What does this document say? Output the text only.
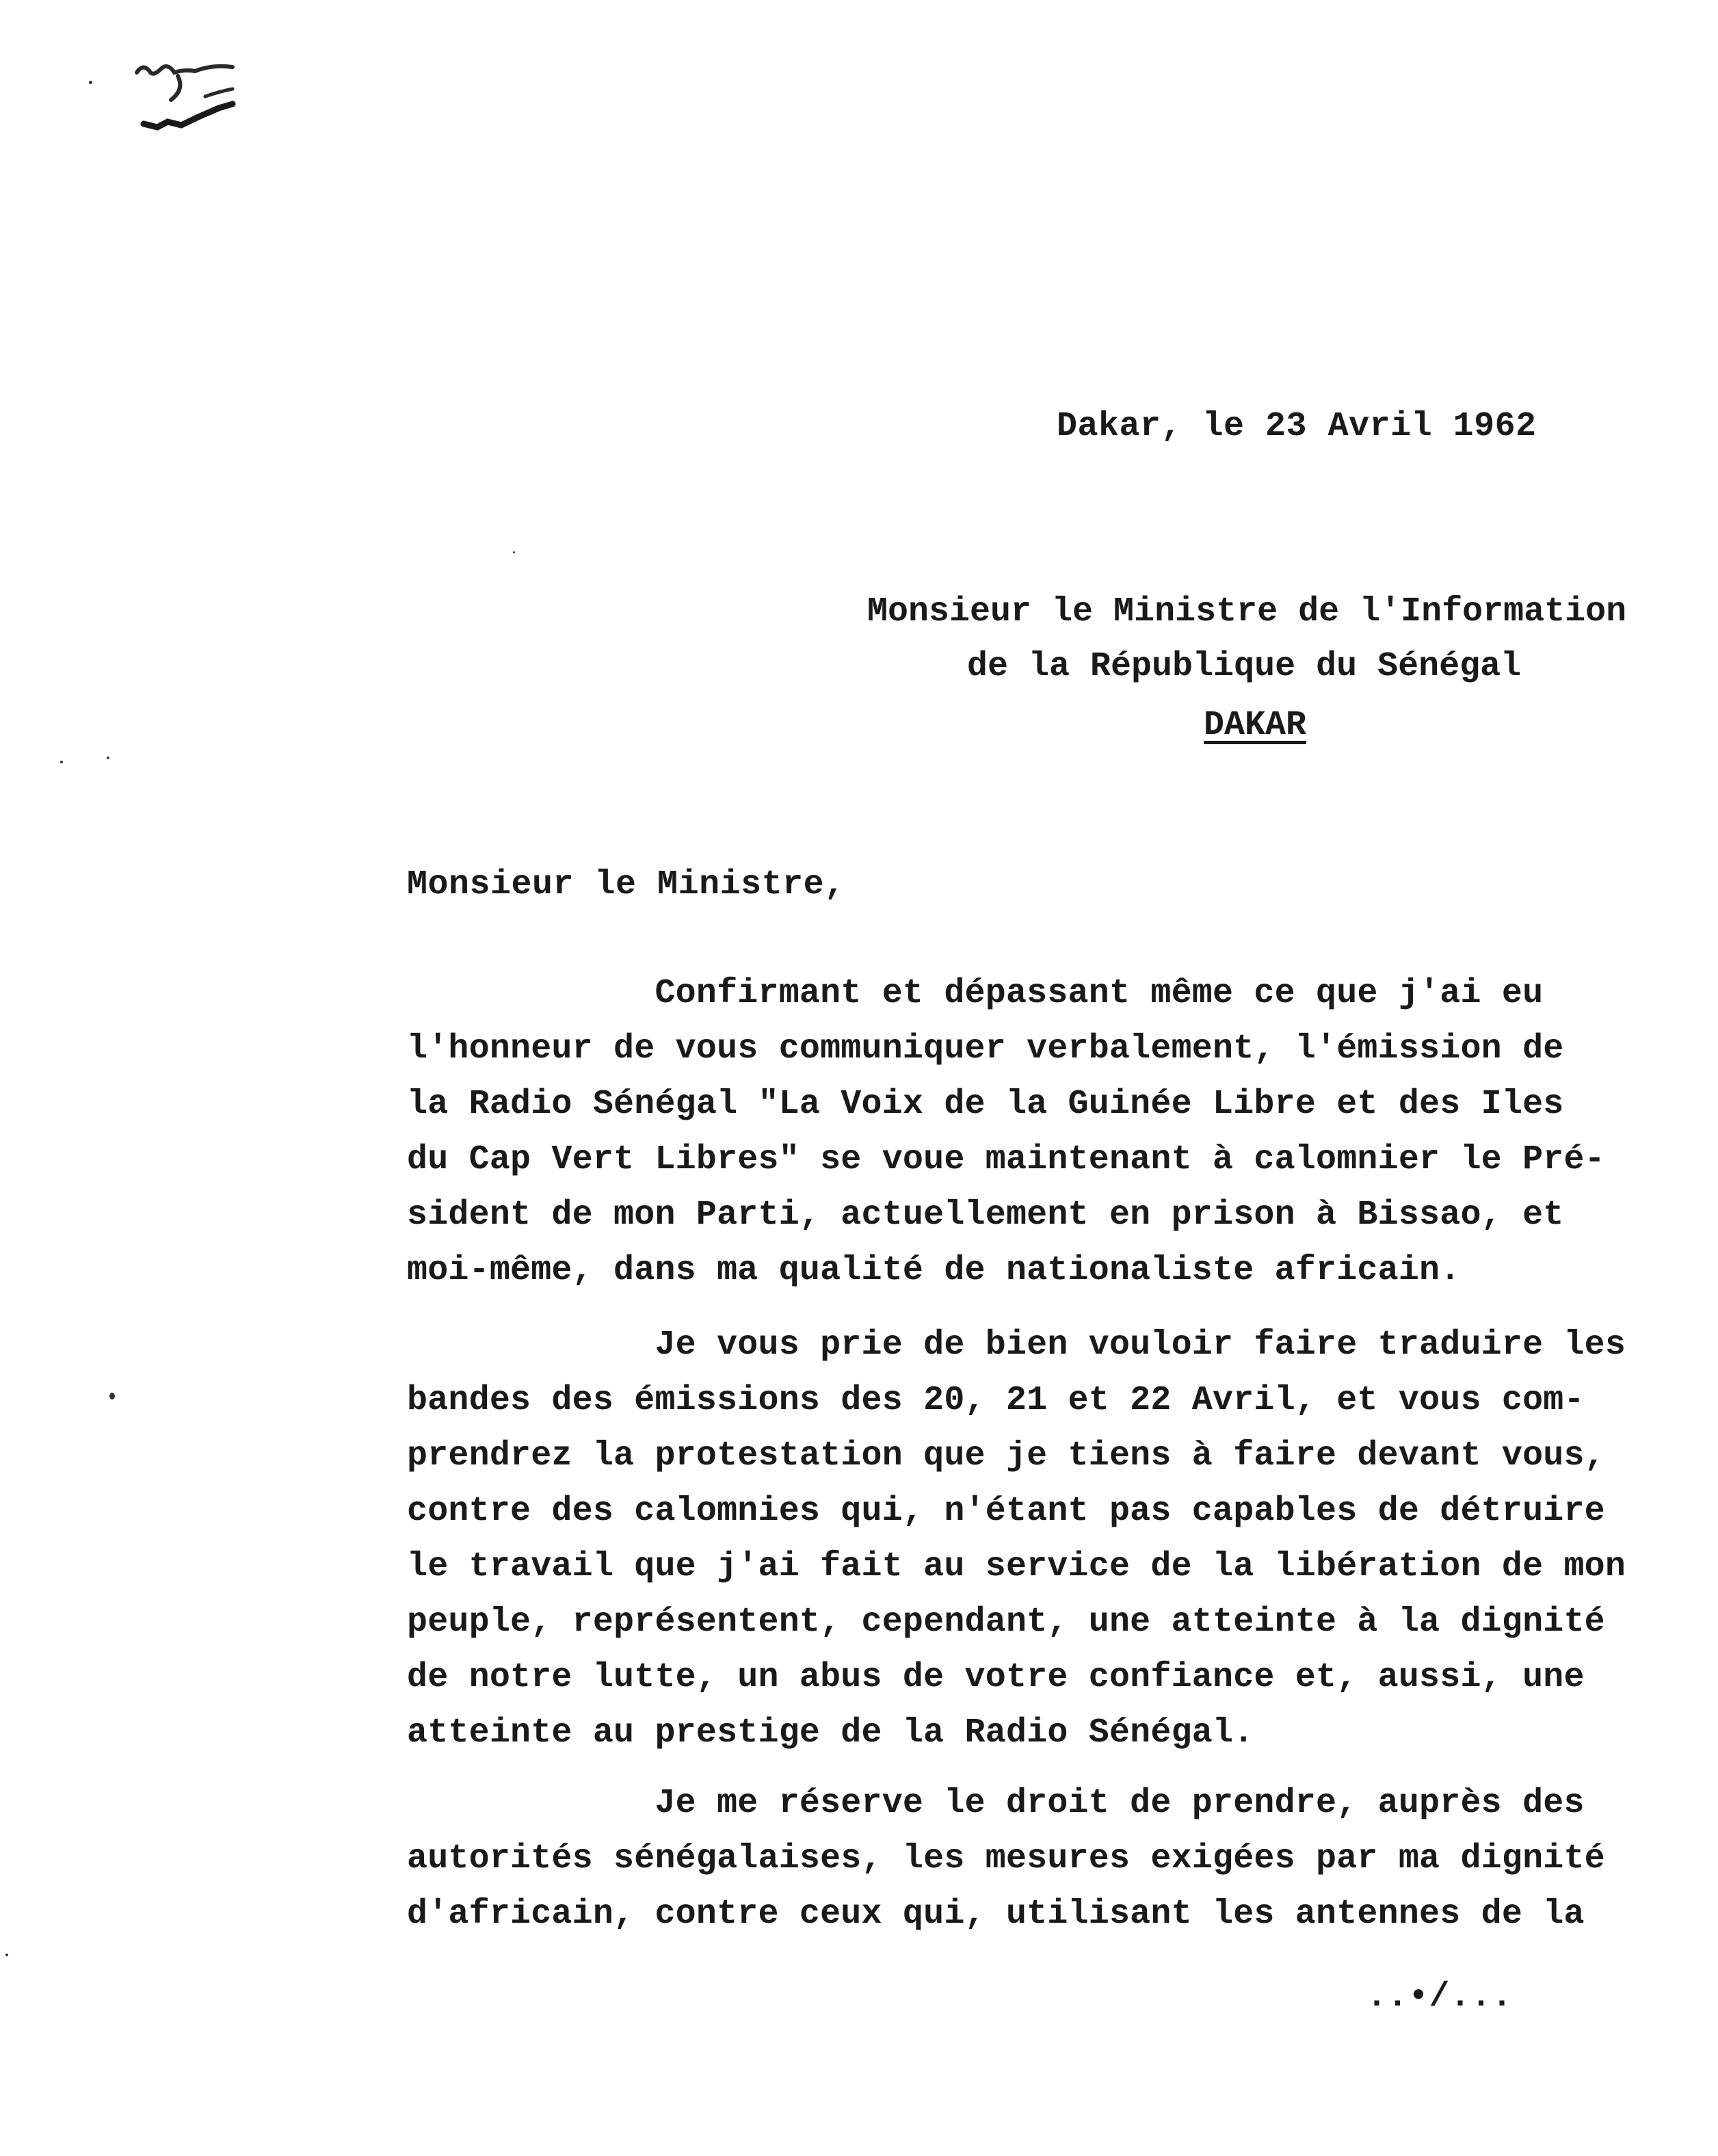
Dakar, le 23 Avril 1962
Monsieur le Ministre de l'Information
de la République du Sénégal
DAKAR
Monsieur le Ministre,
Confirmant et dépassant même ce que j'ai eu
l'honneur de vous communiquer verbalement, l'émission de
la Radio Sénégal "La Voix de la Guinée Libre et des Iles
du Cap Vert Libres" se voue maintenant à calomnier le Pré-
sident de mon Parti, actuellement en prison à Bissao, et
moi-même, dans ma qualité de nationaliste africain.
Je vous prie de bien vouloir faire traduire les
bandes des émissions des 20, 21 et 22 Avril, et vous com-
prendrez la protestation que je tiens à faire devant vous,
contre des calomnies qui, n'étant pas capables de détruire
le travail que j'ai fait au service de la libération de mon
peuple, représentent, cependant, une atteinte à la dignité
de notre lutte, un abus de votre confiance et, aussi, une
atteinte au prestige de la Radio Sénégal.
Je me réserve le droit de prendre, auprès des
autorités sénégalaises, les mesures exigées par ma dignité
d'africain, contre ceux qui, utilisant les antennes de la
..•/...
